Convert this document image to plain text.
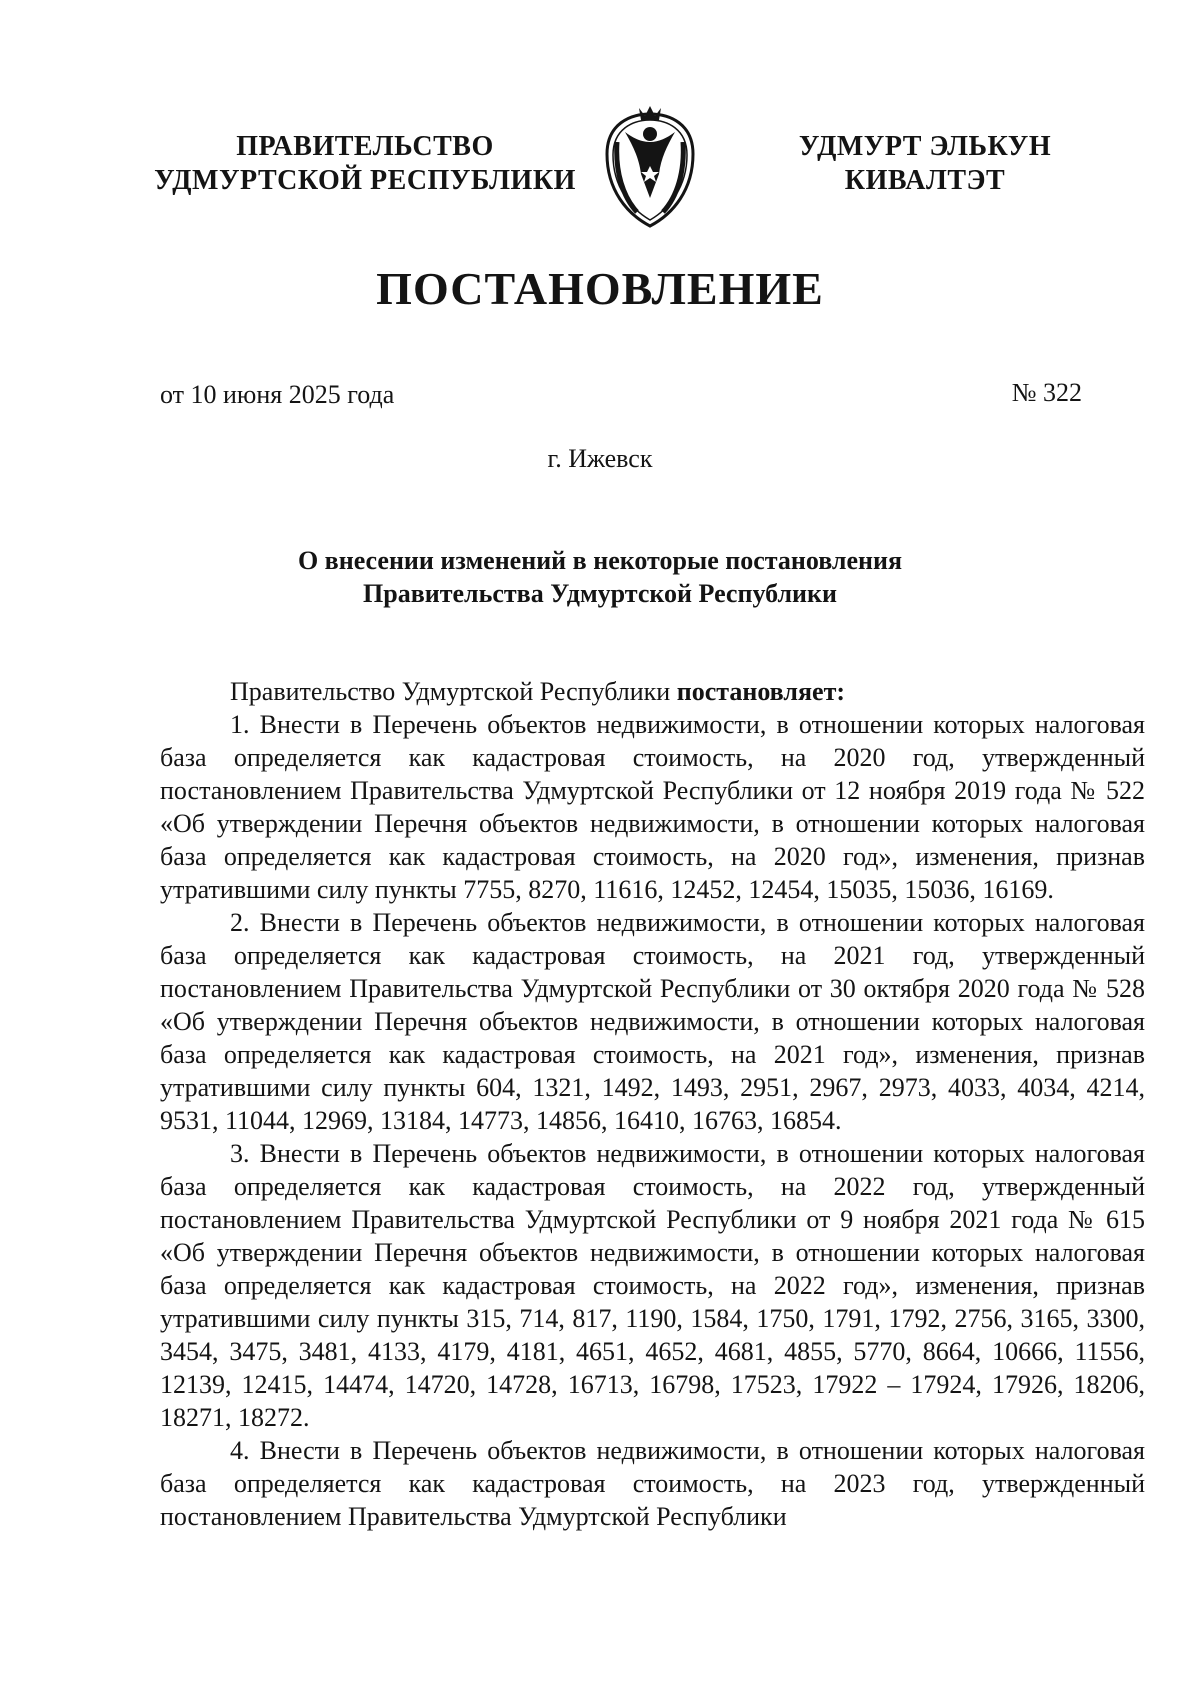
ПРАВИТЕЛЬСТВО
УДМУРТСКОЙ РЕСПУБЛИКИ
УДМУРТ ЭЛЬКУН
КИВАЛТЭТ
ПОСТАНОВЛЕНИЕ
от 10 июня 2025 года	№ 322
г. Ижевск
О внесении изменений в некоторые постановления
Правительства Удмуртской Республики

Правительство Удмуртской Республики постановляет:

1. Внести в Перечень объектов недвижимости, в отношении которых налоговая база определяется как кадастровая стоимость, на 2020 год, утвержденный постановлением Правительства Удмуртской Республики от 12 ноября 2019 года № 522 «Об утверждении Перечня объектов недвижимости, в отношении которых налоговая база определяется как кадастровая стоимость, на 2020 год», изменения, признав утратившими силу пункты 7755, 8270, 11616, 12452, 12454, 15035, 15036, 16169.

2. Внести в Перечень объектов недвижимости, в отношении которых налоговая база определяется как кадастровая стоимость, на 2021 год, утвержденный постановлением Правительства Удмуртской Республики от 30 октября 2020 года № 528 «Об утверждении Перечня объектов недвижимости, в отношении которых налоговая база определяется как кадастровая стоимость, на 2021 год», изменения, признав утратившими силу пункты 604, 1321, 1492, 1493, 2951, 2967, 2973, 4033, 4034, 4214, 9531, 11044, 12969, 13184, 14773, 14856, 16410, 16763, 16854.

3. Внести в Перечень объектов недвижимости, в отношении которых налоговая база определяется как кадастровая стоимость, на 2022 год, утвержденный постановлением Правительства Удмуртской Республики от 9 ноября 2021 года № 615 «Об утверждении Перечня объектов недвижимости, в отношении которых налоговая база определяется как кадастровая стоимость, на 2022 год», изменения, признав утратившими силу пункты 315, 714, 817, 1190, 1584, 1750, 1791, 1792, 2756, 3165, 3300, 3454, 3475, 3481, 4133, 4179, 4181, 4651, 4652, 4681, 4855, 5770, 8664, 10666, 11556, 12139, 12415, 14474, 14720, 14728, 16713, 16798, 17523, 17922 – 17924, 17926, 18206, 18271, 18272.

4. Внести в Перечень объектов недвижимости, в отношении которых налоговая база определяется как кадастровая стоимость, на 2023 год, утвержденный постановлением Правительства Удмуртской Республики
